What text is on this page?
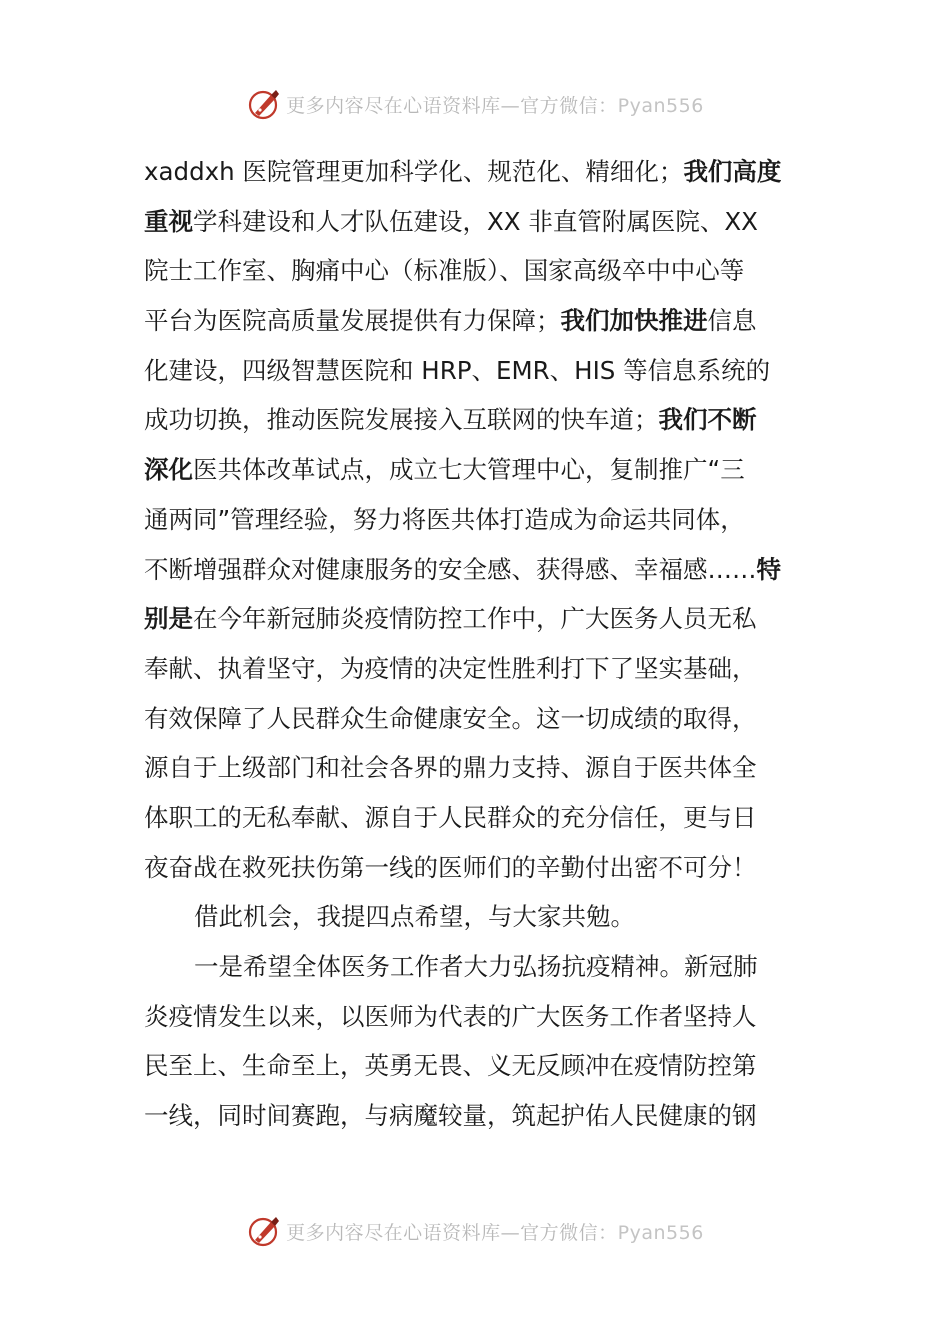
更多内容尽在心语资料库—官方微信：Pyan556
xaddxh 医院管理更加科学化、规范化、精细化；我们高度
重视学科建设和人才队伍建设，XX 非直管附属医院、XX
院士工作室、胸痛中心（标准版）、国家高级卒中中心等
平台为医院高质量发展提供有力保障；我们加快推进信息
化建设，四级智慧医院和 HRP、EMR、HIS 等信息系统的
成功切换，推动医院发展接入互联网的快车道；我们不断
深化医共体改革试点，成立七大管理中心，复制推广“三
通两同”管理经验，努力将医共体打造成为命运共同体，
不断增强群众对健康服务的安全感、获得感、幸福感……特
别是在今年新冠肺炎疫情防控工作中，广大医务人员无私
奉献、执着坚守，为疫情的决定性胜利打下了坚实基础，
有效保障了人民群众生命健康安全。这一切成绩的取得，
源自于上级部门和社会各界的鼎力支持、源自于医共体全
体职工的无私奉献、源自于人民群众的充分信任，更与日
夜奋战在救死扶伤第一线的医师们的辛勤付出密不可分！
借此机会，我提四点希望，与大家共勉。
一是希望全体医务工作者大力弘扬抗疫精神。新冠肺
炎疫情发生以来，以医师为代表的广大医务工作者坚持人
民至上、生命至上，英勇无畏、义无反顾冲在疫情防控第
一线，同时间赛跑，与病魔较量，筑起护佑人民健康的钢
更多内容尽在心语资料库—官方微信：Pyan556
